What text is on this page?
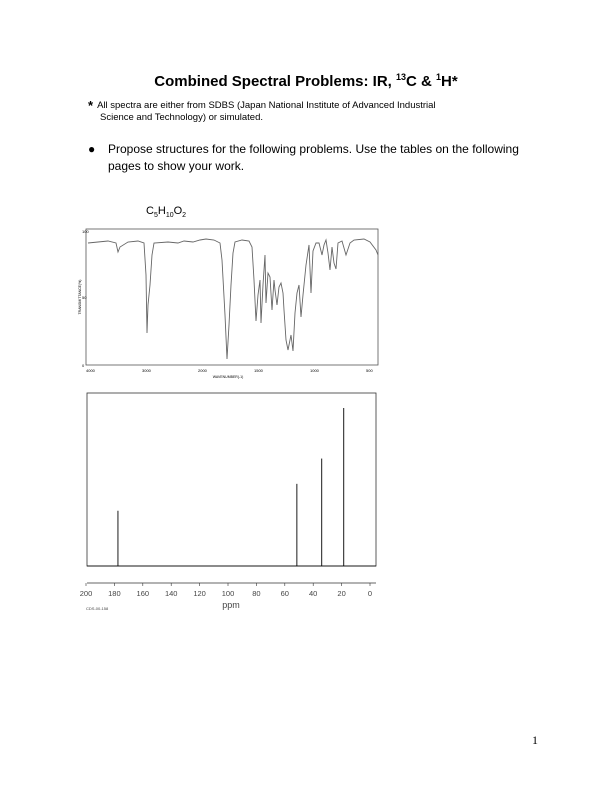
Combined Spectral Problems: IR, $^{13}$C & $^1$H*
* All spectra are either from SDBS (Japan National Institute of Advanced Industrial
Science and Technology) or simulated.
● Propose structures for the following problems. Use the tables on the following pages to show your work.
$C_5H_{10}O_2$
100
50
0
TRANSMITTANCE(%)
4000	3000	2000	1500	1000	500
WAVENUMBER(-1)
200 180 160 140 120 100 80	60	40	20	0
CDS-00-158	ppm
1
